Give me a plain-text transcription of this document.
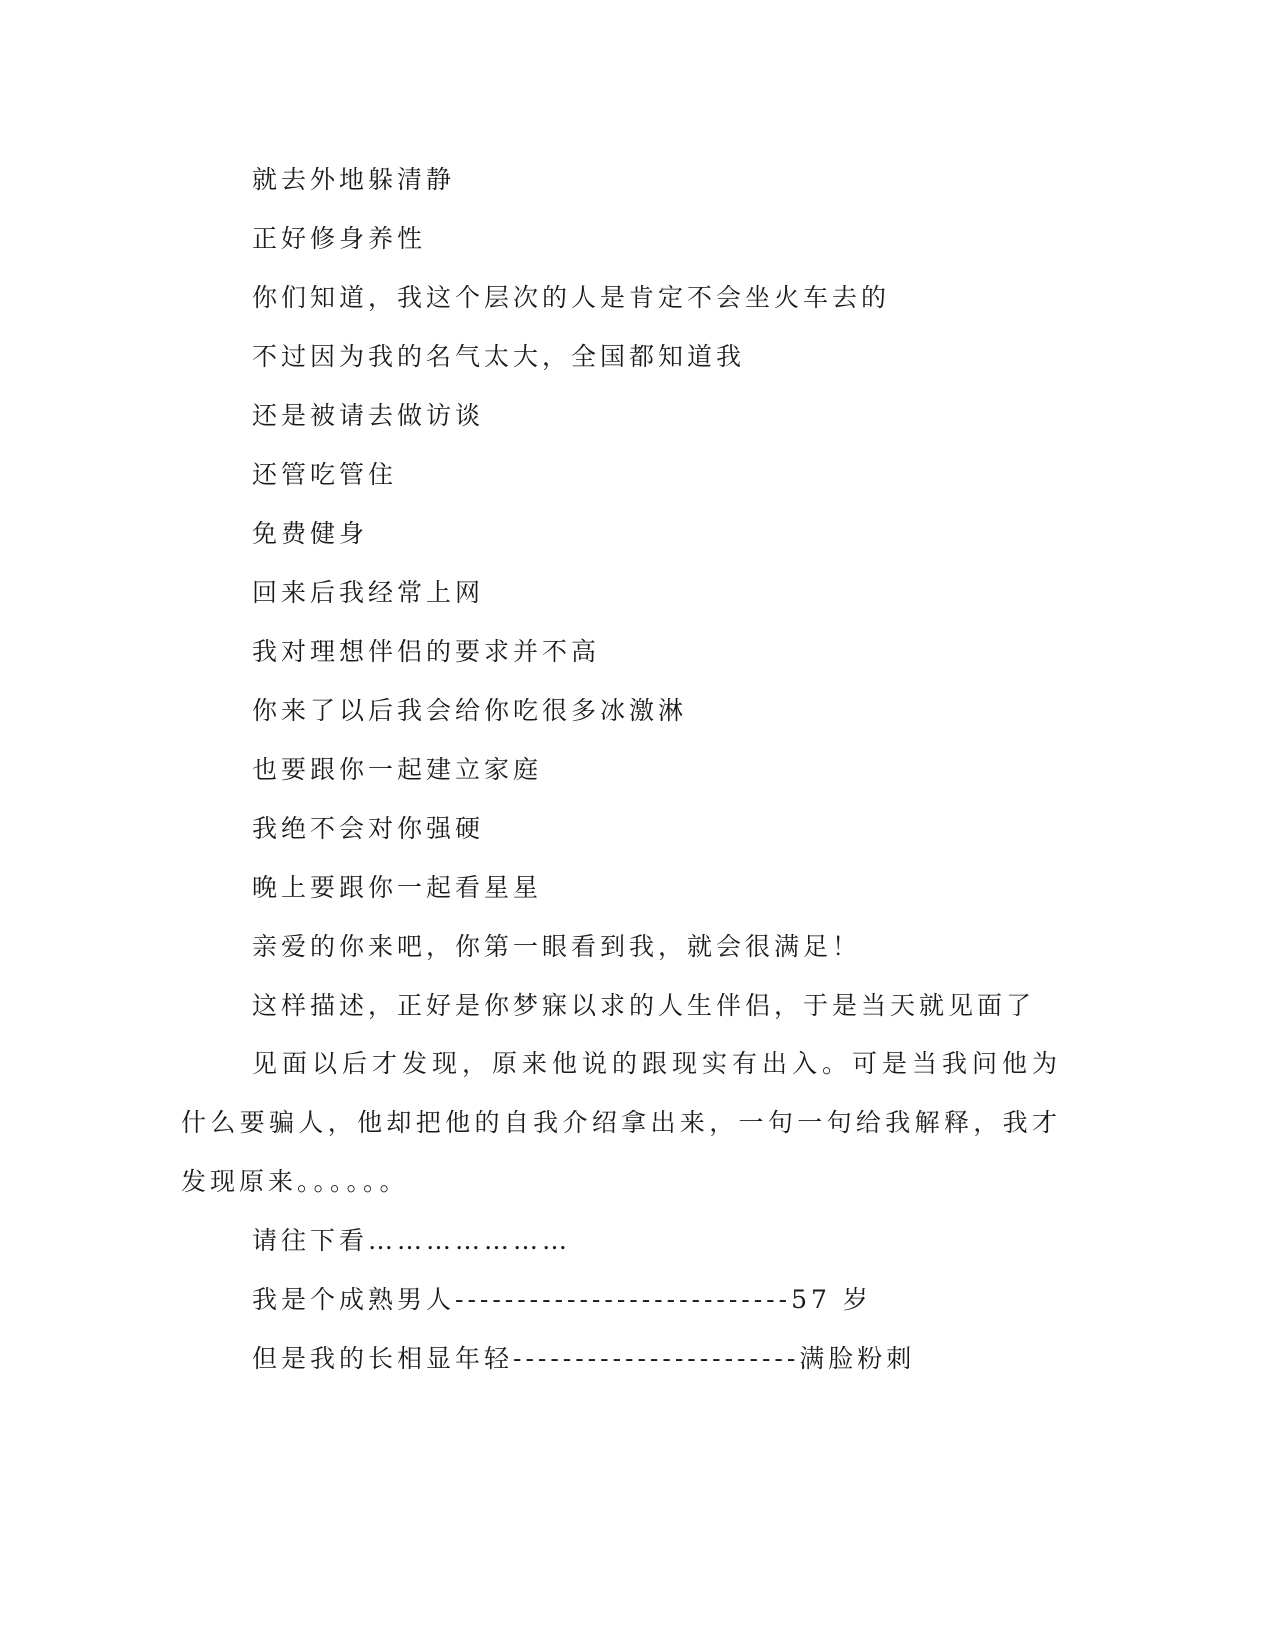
就去外地躲清静
正好修身养性
你们知道，我这个层次的人是肯定不会坐火车去的
不过因为我的名气太大，全国都知道我
还是被请去做访谈
还管吃管住
免费健身
回来后我经常上网
我对理想伴侣的要求并不高
你来了以后我会给你吃很多冰激淋
也要跟你一起建立家庭
我绝不会对你强硬
晚上要跟你一起看星星
亲爱的你来吧，你第一眼看到我，就会很满足！
这样描述，正好是你梦寐以求的人生伴侣，于是当天就见面了
见面以后才发现，原来他说的跟现实有出入。可是当我问他为什么要骗人，他却把他的自我介绍拿出来，一句一句给我解释，我才发现原来。。。。。。
请往下看…………………
我是个成熟男人---------------------------57 岁
但是我的长相显年轻-----------------------满脸粉刺
